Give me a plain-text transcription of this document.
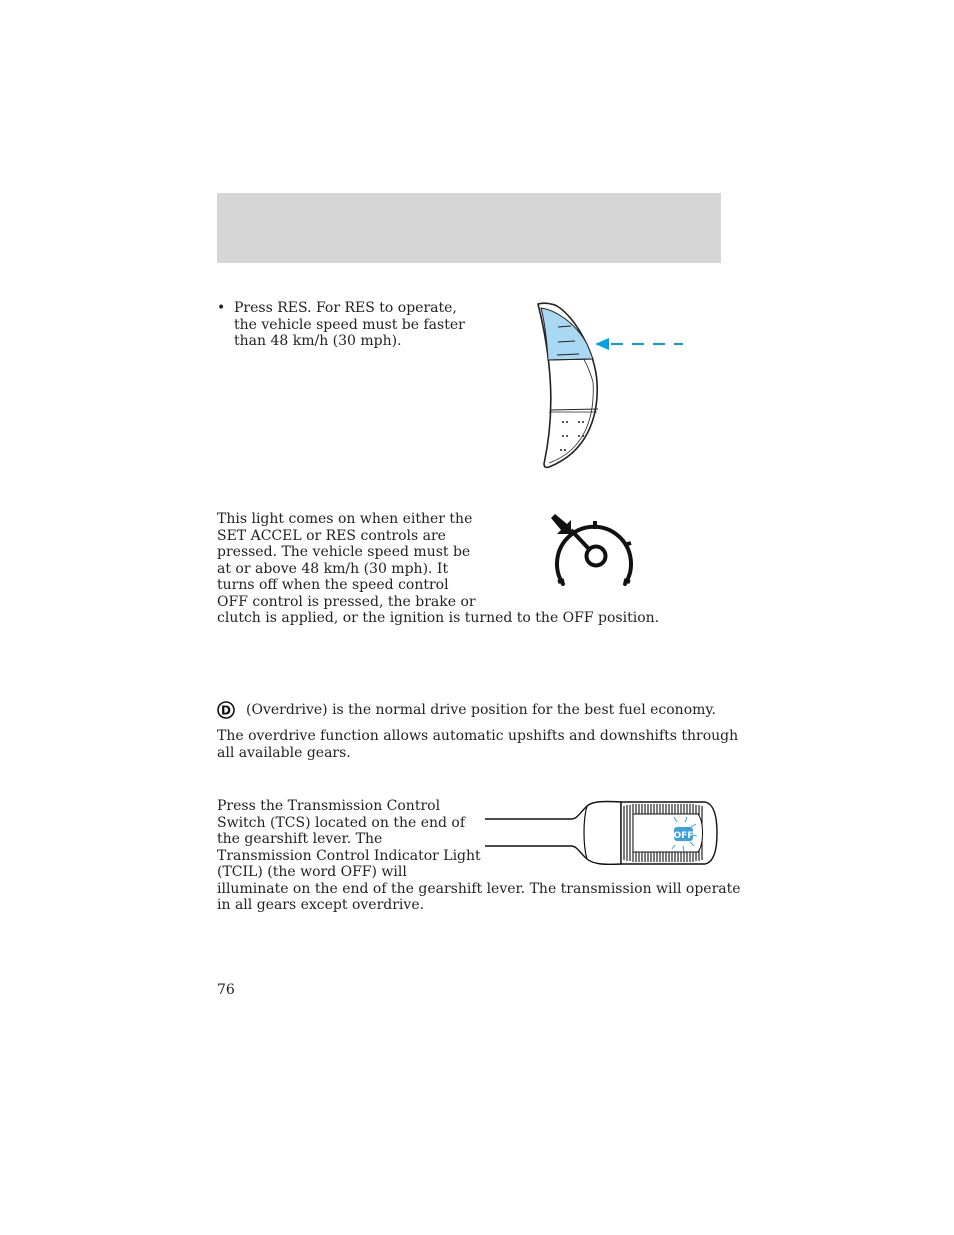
• Press RES. For RES to operate,
the vehicle speed must be faster
than 48 km/h (30 mph).
This light comes on when either the
SET ACCEL or RES controls are
pressed. The vehicle speed must be
at or above 48 km/h (30 mph). It
turns off when the speed control
OFF control is pressed, the brake or
clutch is applied, or the ignition is turned to the OFF position.
D (Overdrive) is the normal drive position for the best fuel economy.
The overdrive function allows automatic upshifts and downshifts through
all available gears.
Press the Transmission Control
Switch (TCS) located on the end of
the gearshift lever. The
Transmission Control Indicator Light
(TCIL) (the word OFF) will
illuminate on the end of the gearshift lever. The transmission will operate
in all gears except overdrive.
OFF
76
